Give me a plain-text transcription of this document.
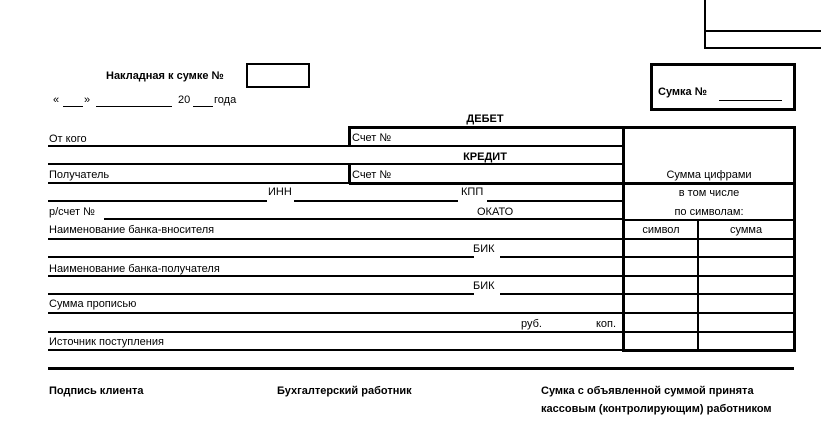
Накладная к сумке №
« »	20 года
Сумка №
ДЕБЕТ
От кого	Счет №
КРЕДИТ
Получатель	Счет №
ИНН	КПП
р/счет №	ОКАТО
Наименование банка-вносителя
БИК
Наименование банка-получателя
БИК
Сумма прописью
руб.	коп.
Источник поступления
Сумма цифрами
в том числе
по символам:
символ	сумма
Подпись клиента	Бухгалтерский работник	Сумка с объявленной суммой принята
кассовым (контролирующим) работником
